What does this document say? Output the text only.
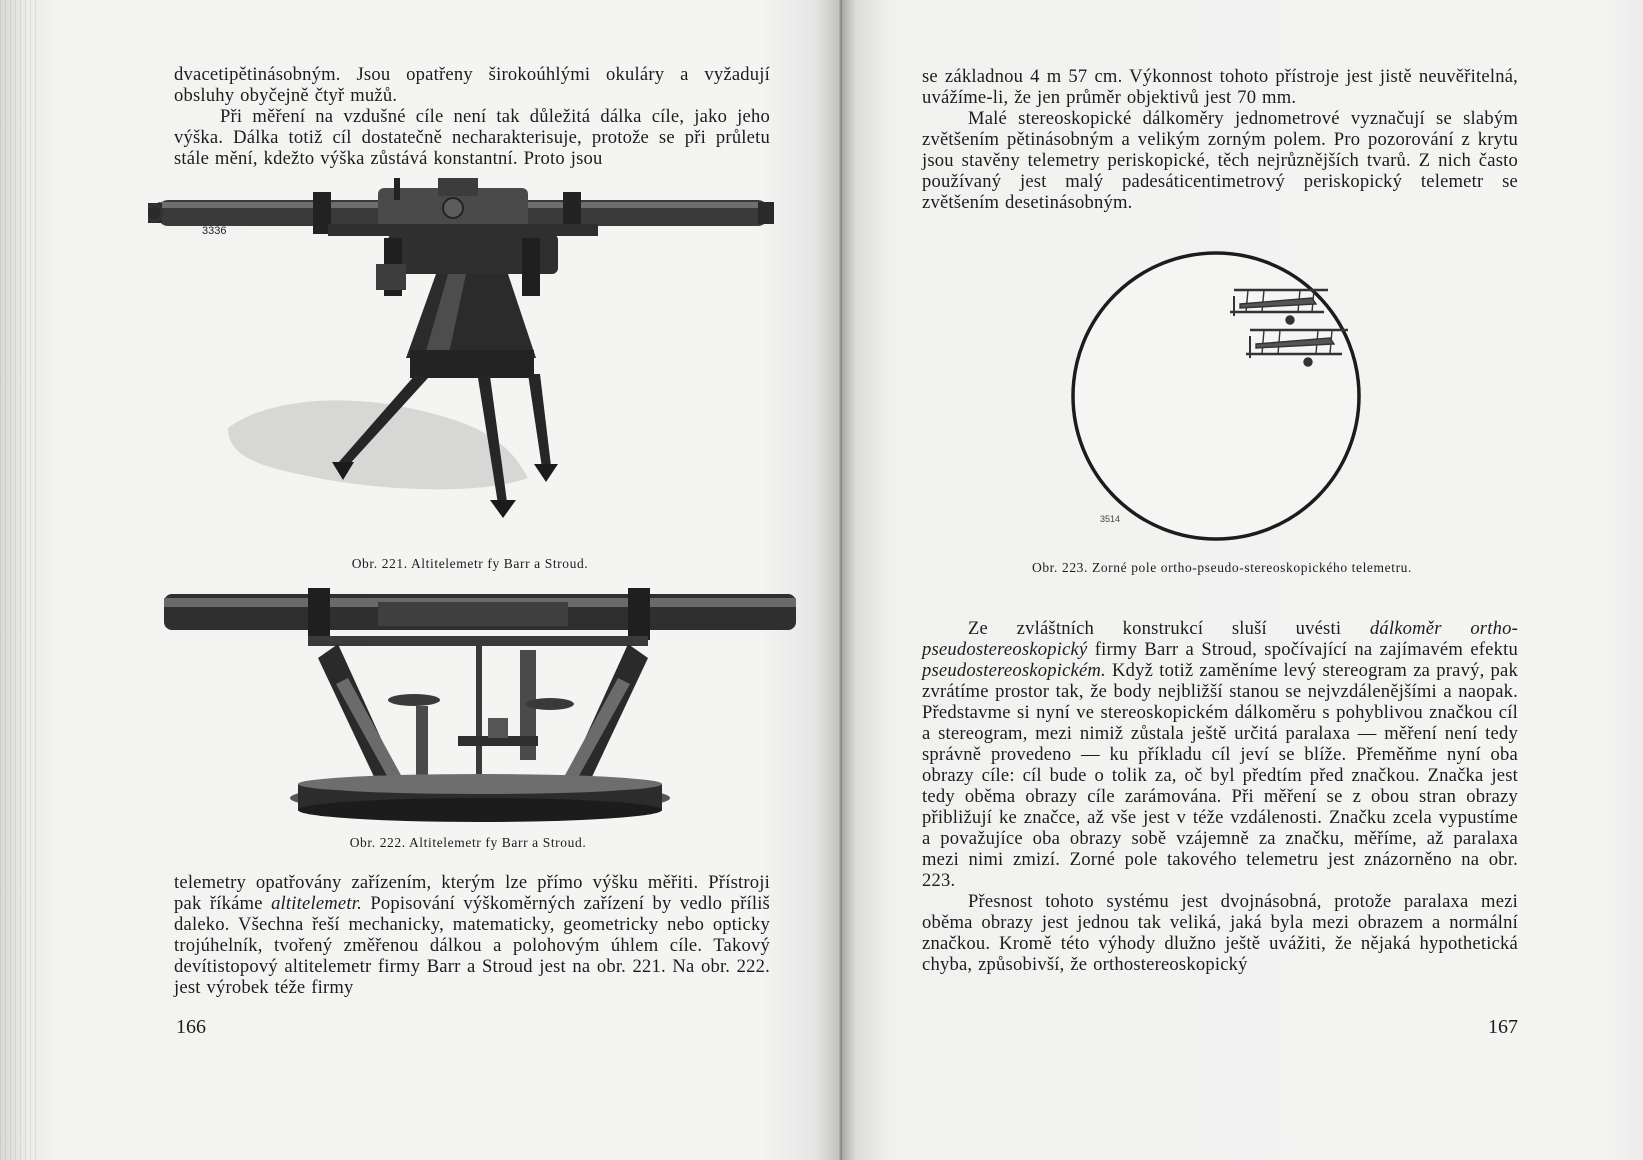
dvacetipětinásobným. Jsou opatřeny širokoúhlými okuláry a vyžadují obsluhy obyčejně čtyř mužů.

Při měření na vzdušné cíle není tak důležitá dálka cíle, jako jeho výška. Dálka totiž cíl dostatečně necharakterisuje, protože se při průletu stále mění, kdežto výška zůstává konstantní. Proto jsou

3336
Obr. 221. Altitelemetr fy Barr a Stroud.
Obr. 222. Altitelemetr fy Barr a Stroud.

telemetry opatřovány zařízením, kterým lze přímo výšku měřiti. Přístroji pak říkáme altitelemetr. Popisování výškoměrných zařízení by vedlo příliš daleko. Všechna řeší mechanicky, matematicky, geometricky nebo opticky trojúhelník, tvořený změřenou dálkou a polohovým úhlem cíle. Takový devítistopový altitelemetr firmy Barr a Stroud jest na obr. 221. Na obr. 222. jest výrobek téže firmy

166

se základnou 4 m 57 cm. Výkonnost tohoto přístroje jest jistě neuvěřitelná, uvážíme-li, že jen průměr objektivů jest 70 mm.

Malé stereoskopické dálkoměry jednometrové vyznačují se slabým zvětšením pětinásobným a velikým zorným polem. Pro pozorování z krytu jsou stavěny telemetry periskopické, těch nejrůznějších tvarů. Z nich často používaný jest malý padesáticentimetrový periskopický telemetr se zvětšením desetinásobným.

3514
Obr. 223. Zorné pole ortho-pseudo-stereoskopického telemetru.

Ze zvláštních konstrukcí sluší uvésti dálkoměr ortho-pseudostereoskopický firmy Barr a Stroud, spočívající na zajímavém efektu pseudostereoskopickém. Když totiž zaměníme levý stereogram za pravý, pak zvrátíme prostor tak, že body nejbližší stanou se nejvzdálenějšími a naopak. Představme si nyní ve stereoskopickém dálkoměru s pohyblivou značkou cíl a stereogram, mezi nimiž zůstala ještě určitá paralaxa — měření není tedy správně provedeno — ku příkladu cíl jeví se blíže. Přeměňme nyní oba obrazy cíle: cíl bude o tolik za, oč byl předtím před značkou. Značka jest tedy oběma obrazy cíle zarámována. Při měření se z obou stran obrazy přibližují ke značce, až vše jest v téže vzdálenosti. Značku zcela vypustíme a považujíce oba obrazy sobě vzájemně za značku, měříme, až paralaxa mezi nimi zmizí. Zorné pole takového telemetru jest znázorněno na obr. 223.

Přesnost tohoto systému jest dvojnásobná, protože paralaxa mezi oběma obrazy jest jednou tak veliká, jaká byla mezi obrazem a normální značkou. Kromě této výhody dlužno ještě uvážiti, že nějaká hypothetická chyba, způsobivší, že orthostereoskopický

167
